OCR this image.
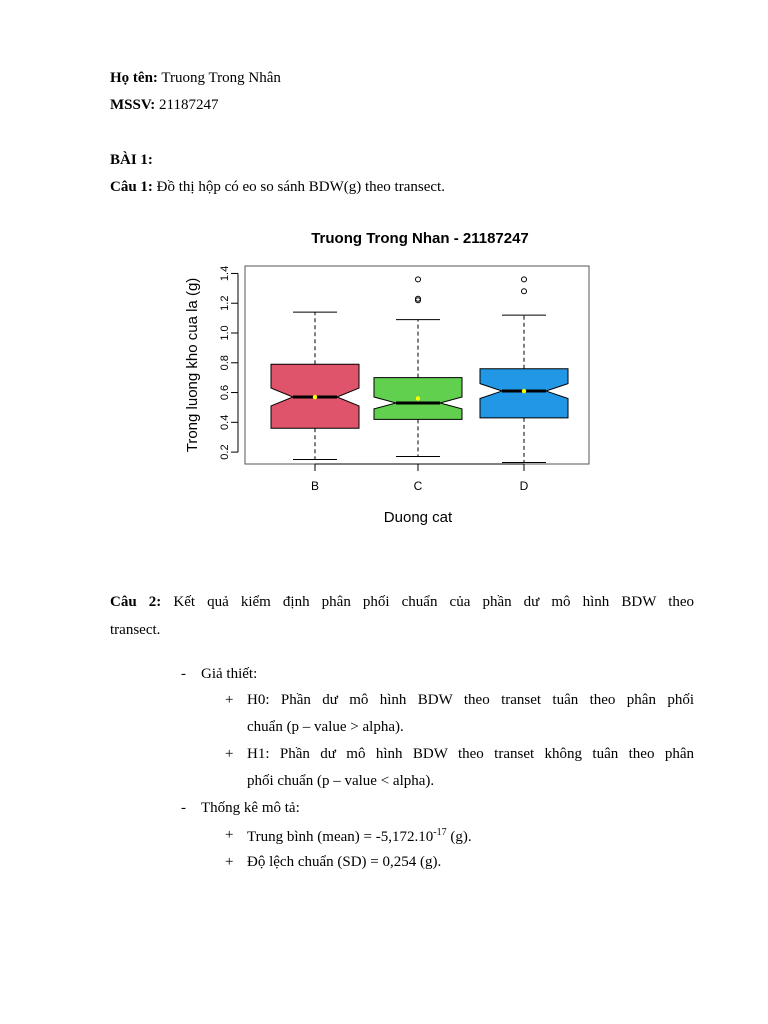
Họ tên: Truong Trong Nhân
MSSV: 21187247
BÀI 1:
Câu 1: Đồ thị hộp có eo so sánh BDW(g) theo transect.
Truong Trong Nhan - 21187247
0.2
0.4
0.6
0.8
1.0
1.2
1.4
B	C	D
Duong cat
Trong luong kho cua la (g)
Câu 2: Kết quả kiểm định phân phối chuẩn của phần dư mô hình BDW theo
transect.
- Giả thiết:
+ H0: Phần dư mô hình BDW theo transet tuân theo phân phối
chuẩn (p – value > alpha).
+ H1: Phần dư mô hình BDW theo transet không tuân theo phân
phối chuẩn (p – value < alpha).
- Thống kê mô tả:
+ Trung bình (mean) = $-5,172.10^{-17}$ (g).
+ Độ lệch chuẩn (SD) = 0,254 (g).
